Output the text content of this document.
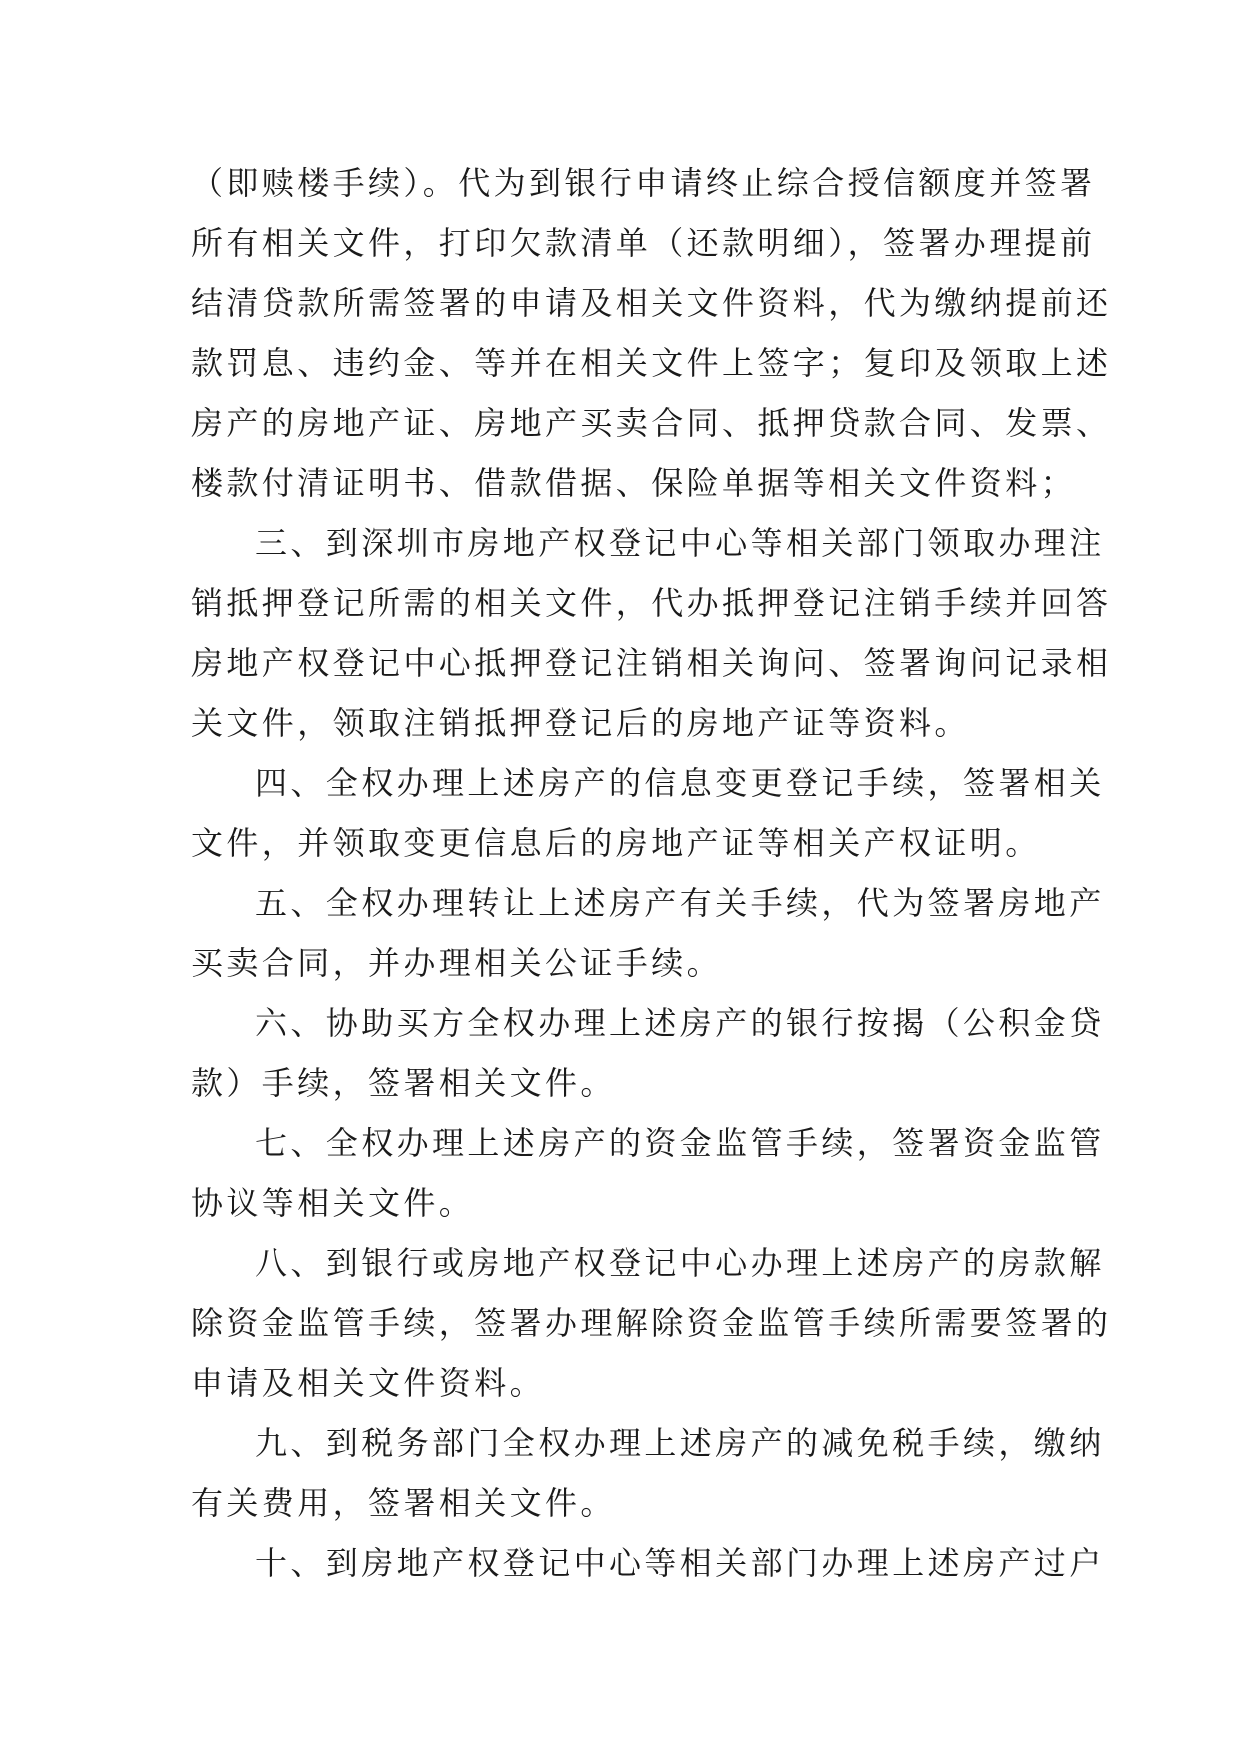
（即赎楼手续）。代为到银行申请终止综合授信额度并签署
所有相关文件，打印欠款清单（还款明细），签署办理提前
结清贷款所需签署的申请及相关文件资料，代为缴纳提前还
款罚息、违约金、等并在相关文件上签字；复印及领取上述
房产的房地产证、房地产买卖合同、抵押贷款合同、发票、
楼款付清证明书、借款借据、保险单据等相关文件资料；
三、到深圳市房地产权登记中心等相关部门领取办理注
销抵押登记所需的相关文件，代办抵押登记注销手续并回答
房地产权登记中心抵押登记注销相关询问、签署询问记录相
关文件，领取注销抵押登记后的房地产证等资料。
四、全权办理上述房产的信息变更登记手续，签署相关
文件，并领取变更信息后的房地产证等相关产权证明。
五、全权办理转让上述房产有关手续，代为签署房地产
买卖合同，并办理相关公证手续。
六、协助买方全权办理上述房产的银行按揭（公积金贷
款）手续，签署相关文件。
七、全权办理上述房产的资金监管手续，签署资金监管
协议等相关文件。
八、到银行或房地产权登记中心办理上述房产的房款解
除资金监管手续，签署办理解除资金监管手续所需要签署的
申请及相关文件资料。
九、到税务部门全权办理上述房产的减免税手续，缴纳
有关费用，签署相关文件。
十、到房地产权登记中心等相关部门办理上述房产过户
